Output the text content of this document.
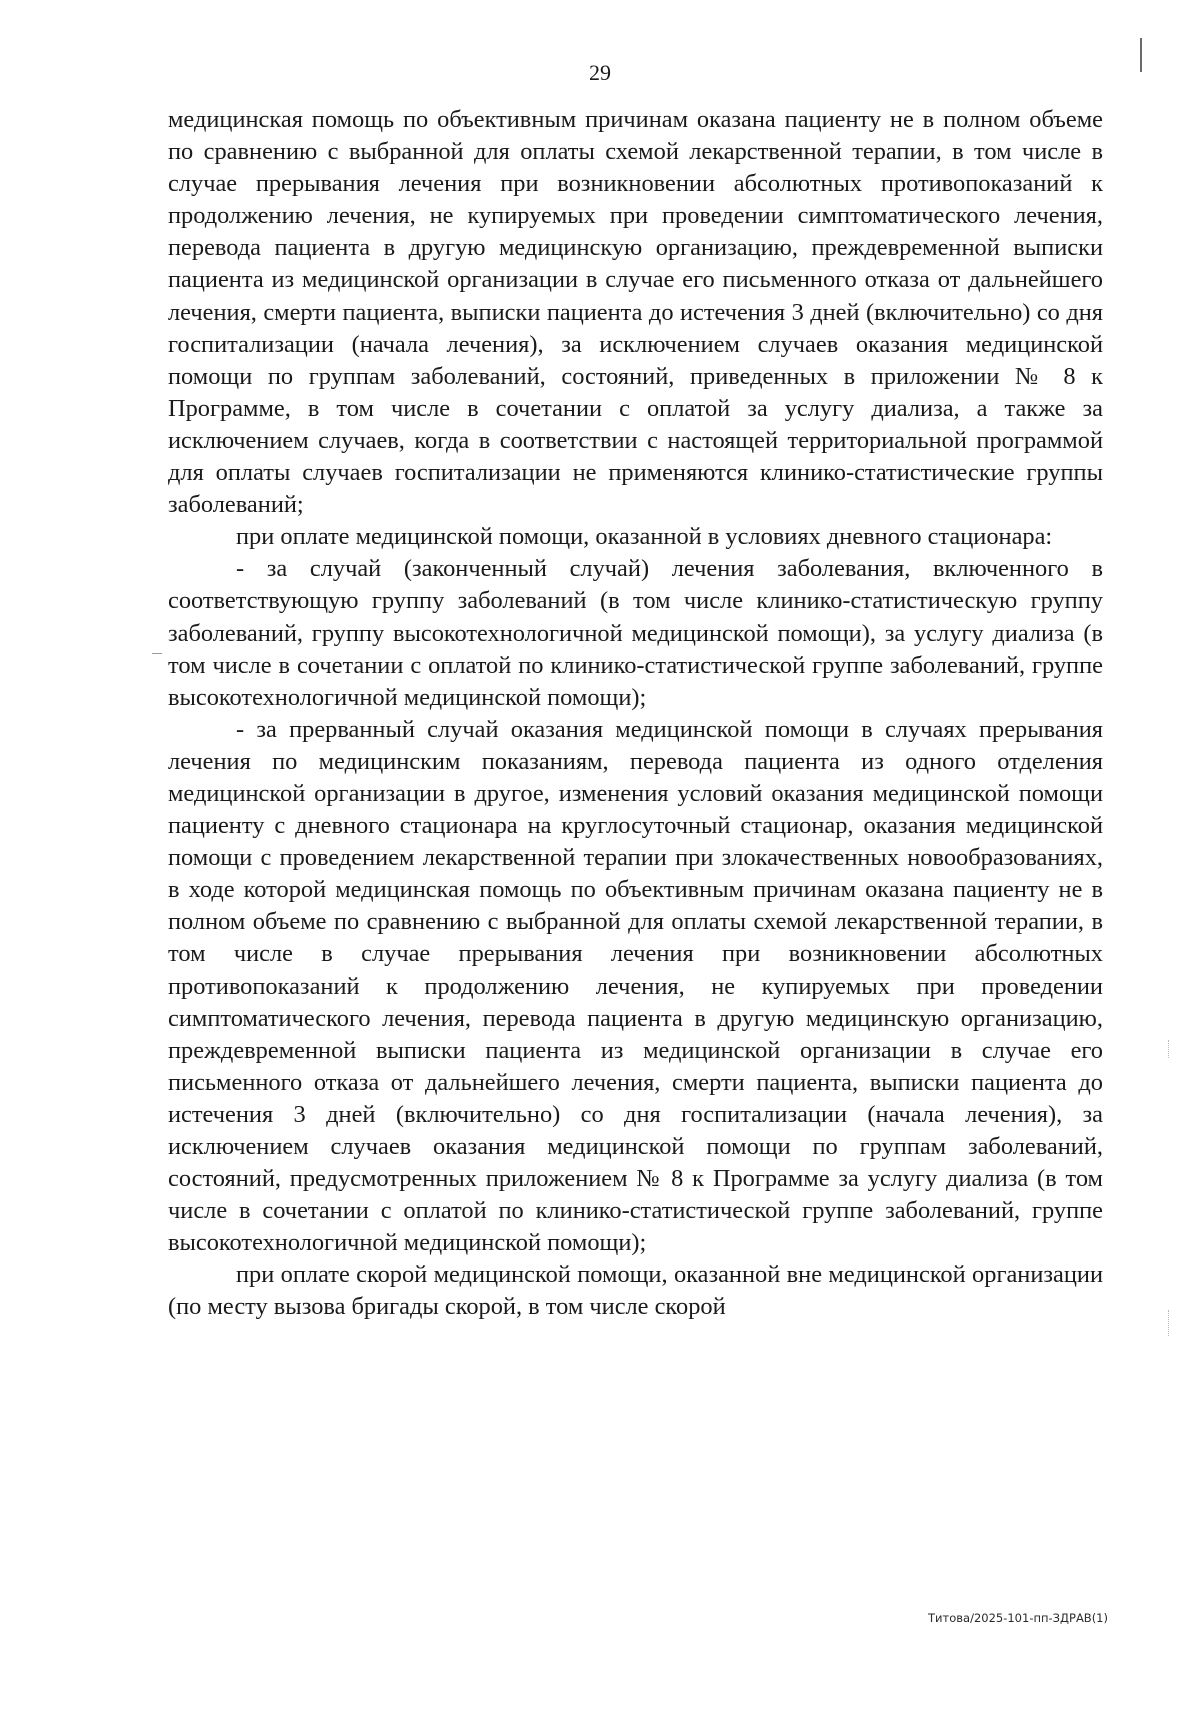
29

медицинская помощь по объективным причинам оказана пациенту не в полном объеме по сравнению с выбранной для оплаты схемой лекарственной терапии, в том числе в случае прерывания лечения при возникновении абсолютных противопоказаний к продолжению лечения, не купируемых при проведении симптоматического лечения, перевода пациента в другую медицинскую организацию, преждевременной выписки пациента из медицинской организации в случае его письменного отказа от дальнейшего лечения, смерти пациента, выписки пациента до истечения 3 дней (включительно) со дня госпитализации (начала лечения), за исключением случаев оказания медицинской помощи по группам заболеваний, состояний, приведенных в приложении № 8 к Программе, в том числе в сочетании с оплатой за услугу диализа, а также за исключением случаев, когда в соответствии с настоящей территориальной программой для оплаты случаев госпитализации не применяются клинико-статистические группы заболеваний;

при оплате медицинской помощи, оказанной в условиях дневного стационара:

- за случай (законченный случай) лечения заболевания, включенного в соответствующую группу заболеваний (в том числе клинико-статистическую группу заболеваний, группу высокотехнологичной медицинской помощи), за услугу диализа (в том числе в сочетании с оплатой по клинико-статистической группе заболеваний, группе высокотехнологичной медицинской помощи);

- за прерванный случай оказания медицинской помощи в случаях прерывания лечения по медицинским показаниям, перевода пациента из одного отделения медицинской организации в другое, изменения условий оказания медицинской помощи пациенту с дневного стационара на круглосуточный стационар, оказания медицинской помощи с проведением лекарственной терапии при злокачественных новообразованиях, в ходе которой медицинская помощь по объективным причинам оказана пациенту не в полном объеме по сравнению с выбранной для оплаты схемой лекарственной терапии, в том числе в случае прерывания лечения при возникновении абсолютных противопоказаний к продолжению лечения, не купируемых при проведении симптоматического лечения, перевода пациента в другую медицинскую организацию, преждевременной выписки пациента из медицинской организации в случае его письменного отказа от дальнейшего лечения, смерти пациента, выписки пациента до истечения 3 дней (включительно) со дня госпитализации (начала лечения), за исключением случаев оказания медицинской помощи по группам заболеваний, состояний, предусмотренных приложением № 8 к Программе за услугу диализа (в том числе в сочетании с оплатой по клинико-статистической группе заболеваний, группе высокотехнологичной медицинской помощи);

при оплате скорой медицинской помощи, оказанной вне медицинской организации (по месту вызова бригады скорой, в том числе скорой

Титова/2025-101-пп-ЗДРАВ(1)
